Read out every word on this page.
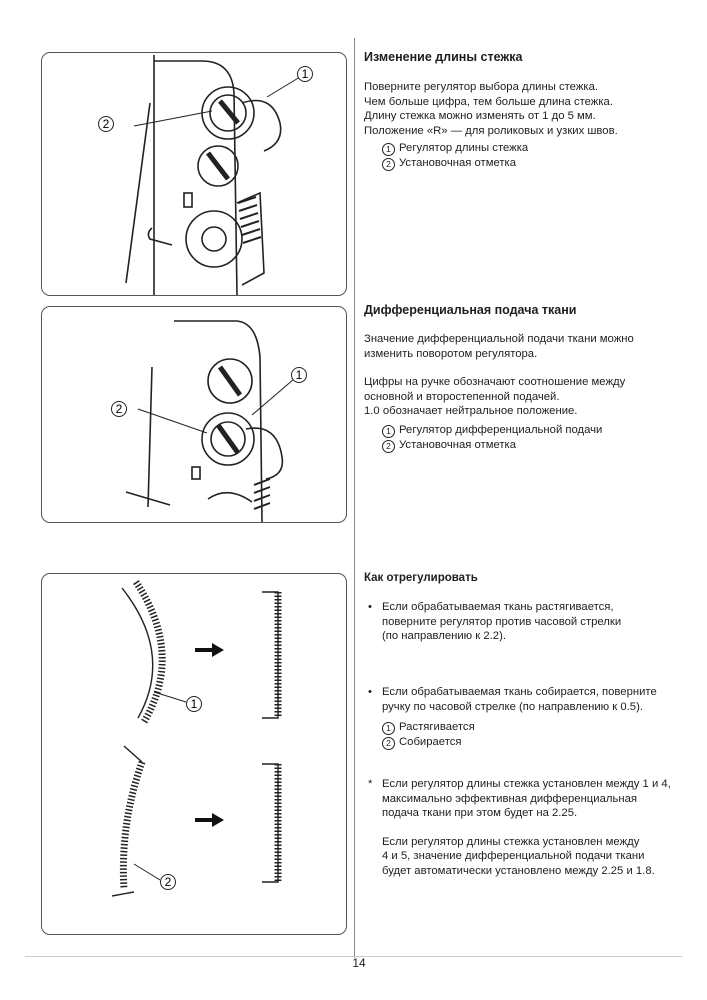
1
2
1
2
1
2
Изменение длины стежка
Поверните регулятор выбора длины стежка.
Чем больше цифра, тем больше длина стежка.
Длину стежка можно изменять от 1 до 5 мм.
Положение «R» — для роликовых и узких швов.
1 Регулятор длины стежка
2 Установочная отметка
Дифференциальная подача ткани
Значение дифференциальной подачи ткани можно
изменить поворотом регулятора.
Цифры на ручке обозначают соотношение между
основной и второстепенной подачей.
1.0 обозначает нейтральное положение.
1 Регулятор дифференциальной подачи
2 Установочная отметка
Как отрегулировать
• Если обрабатываемая ткань растягивается,
поверните регулятор против часовой стрелки
(по направлению к 2.2).
• Если обрабатываемая ткань собирается, поверните
ручку по часовой стрелке (по направлению к 0.5).
1 Растягивается
2 Собирается
* Если регулятор длины стежка установлен между 1 и 4,
максимально эффективная дифференциальная
подача ткани при этом будет на 2.25.
Если регулятор длины стежка установлен между
4 и 5, значение дифференциальной подачи ткани
будет автоматически установлено между 2.25 и 1.8.
14
